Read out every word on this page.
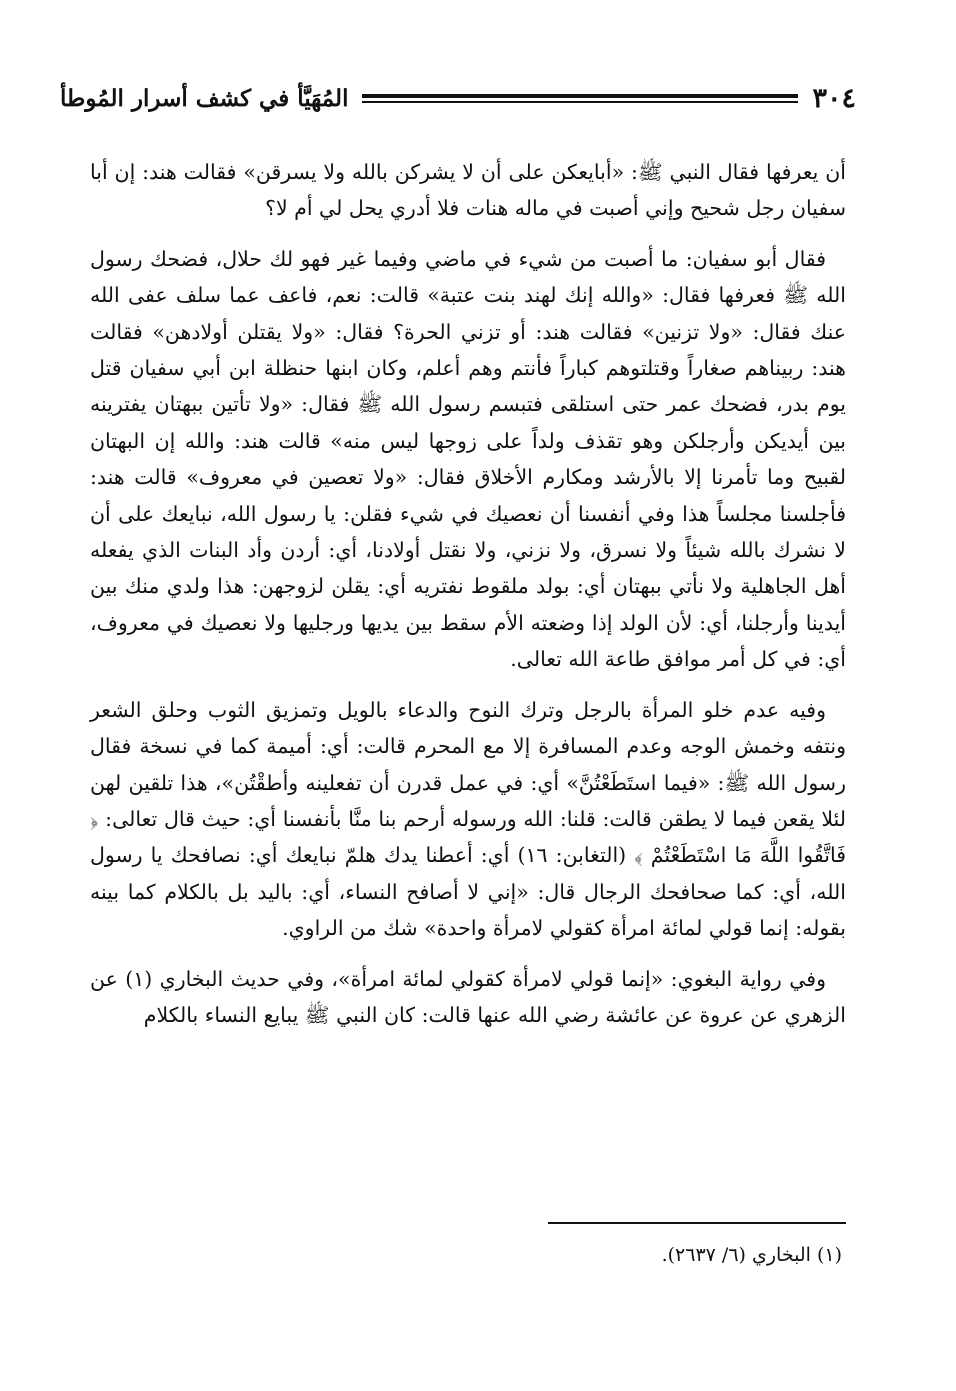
٣٠٤
المُهَيَّأ في كشف أسرار المُوطأ

أن يعرفها فقال النبي ﷺ: «أبايعكن على أن لا يشركن بالله ولا يسرقن» فقالت هند: إن أبا سفيان رجل شحيح وإني أصبت في ماله هنات فلا أدري يحل لي أم لا؟

فقال أبو سفيان: ما أصبت من شيء في ماضي وفيما غير فهو لك حلال، فضحك رسول الله ﷺ فعرفها فقال: «والله إنك لهند بنت عتبة» قالت: نعم، فاعف عما سلف عفى الله عنك فقال: «ولا تزنين» فقالت هند: أو تزني الحرة؟ فقال: «ولا يقتلن أولادهن» فقالت هند: ربيناهم صغاراً وقتلتوهم كباراً فأنتم وهم أعلم، وكان ابنها حنظلة ابن أبي سفيان قتل يوم بدر، فضحك عمر حتى استلقى فتبسم رسول الله ﷺ فقال: «ولا تأتين ببهتان يفترينه بين أيديكن وأرجلكن وهو تقذف ولداً على زوجها ليس منه» قالت هند: والله إن البهتان لقبيح وما تأمرنا إلا بالأرشد ومكارم الأخلاق فقال: «ولا تعصين في معروف» قالت هند: فأجلسنا مجلساً هذا وفي أنفسنا أن نعصيك في شيء فقلن: يا رسول الله، نبايعك على أن لا نشرك بالله شيئاً ولا نسرق، ولا نزني، ولا نقتل أولادنا، أي: أردن وأد البنات الذي يفعله أهل الجاهلية ولا نأتي ببهتان أي: بولد ملقوط نفتريه أي: يقلن لزوجهن: هذا ولدي منك بين أيدينا وأرجلنا، أي: لأن الولد إذا وضعته الأم سقط بين يديها ورجليها ولا نعصيك في معروف، أي: في كل أمر موافق طاعة الله تعالى.

وفيه عدم خلو المرأة بالرجل وترك النوح والدعاء بالويل وتمزيق الثوب وحلق الشعر ونتفه وخمش الوجه وعدم المسافرة إلا مع المحرم قالت: أي: أميمة كما في نسخة فقال رسول الله ﷺ: «فيما استَطَعْتُنَّ» أي: في عمل قدرن أن تفعلينه وأطقْتُن»، هذا تلقين لهن لئلا يقعن فيما لا يطقن قالت: قلنا: الله ورسوله أرحم بنا منَّا بأنفسنا أي: حيث قال تعالى: ﴿ فَاتَّقُوا اللَّهَ مَا اسْتَطَعْتُمْ ﴾ (التغابن: ١٦) أي: أعطنا يدك هلمّ نبايعك أي: نصافحك يا رسول الله، أي: كما صحافحك الرجال قال: «إني لا أصافح النساء، أي: باليد بل بالكلام كما بينه بقوله: إنما قولي لمائة امرأة كقولي لامرأة واحدة» شك من الراوي.

وفي رواية البغوي: «إنما قولي لامرأة كقولي لمائة امرأة»، وفي حديث البخاري (١) عن الزهري عن عروة عن عائشة رضي الله عنها قالت: كان النبي ﷺ يبايع النساء بالكلام

(١) البخاري (٦/ ٢٦٣٧).
